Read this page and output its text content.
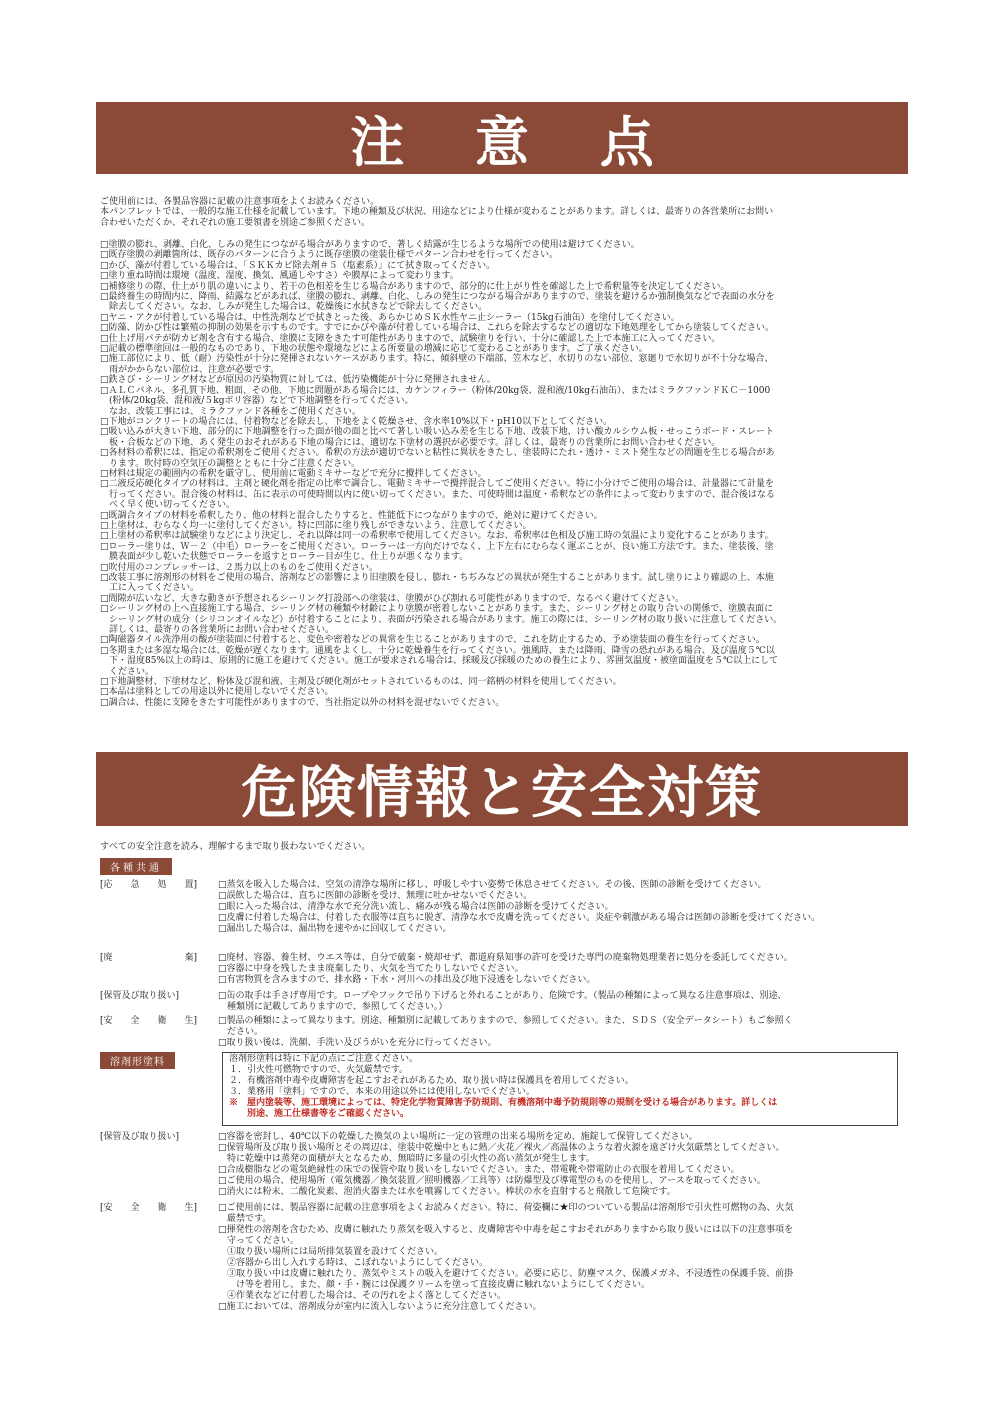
注 意 点

ご使用前には、各製品容器に記載の注意事項をよくお読みください。

本パンフレットでは、一般的な施工仕様を記載しています。下地の種類及び状況、用途などにより仕様が変わることがあります。詳しくは、最寄りの各営業所にお問い

合わせいただくか、それぞれの施工要領書を別途ご参照ください。

□塗膜の膨れ、剥離、白化、しみの発生につながる場合がありますので、著しく結露が生じるような場所での使用は避けてください。

□既存塗膜の剥離箇所は、既存のパターンに合うように既存塗膜の塗装仕様でパターン合わせを行ってください。

□かび、藻が付着している場合は、「ＳＫＫカビ除去剤＃５（塩素系）」にて拭き取ってください。

□塗り重ね時間は環境（温度、湿度、換気、風通しやすさ）や膜厚によって変わります。

□補修塗りの際、仕上がり肌の違いにより、若干の色相差を生じる場合がありますので、部分的に仕上がり性を確認した上で希釈量等を決定してください。

□最終養生の時間内に、降雨、結露などがあれば、塗膜の膨れ、剥離、白化、しみの発生につながる場合がありますので、塗装を避けるか強制換気などで表面の水分を

　除去してください。なお、しみが発生した場合は、乾燥後に水拭きなどで除去してください。

□ヤニ・アクが付着している場合は、中性洗剤などで拭きとった後、あらかじめＳＫ水性ヤニ止シーラー（15kg石油缶）を塗付してください。

□防藻、防かび性は繁殖の抑制の効果を示すものです。すでにかびや藻が付着している場合は、これらを除去するなどの適切な下地処理をしてから塗装してください。

□仕上げ用パテが防カビ剤を含有する場合、塗膜に支障をきたす可能性がありますので、試験塗りを行い、十分に確認した上で本施工に入ってください。

□記載の標準塗回は一般的なものであり、下地の状態や環境などによる所要量の増減に応じて変わることがあります。ご了承ください。

□施工部位により、低（耐）汚染性が十分に発揮されないケースがあります。特に、傾斜壁の下端部、笠木など、水切りのない部位、窓廻りで水切りが不十分な場合、

　雨がかからない部位は、注意が必要です。

□鉄さび・シーリング材などが原因の汚染物質に対しては、低汚染機能が十分に発揮されません。

□ＡＬＣパネル、多孔質下地、粗面、その他、下地に問題がある場合には、カケンフィラー（粉体/20kg袋、混和液/10kg石油缶）、またはミラクファンドＫＣ－1000

　(粉体/20kg袋、混和液/５kgポリ容器）などで下地調整を行ってください。

　なお、改装工事には、ミラクファンド各種をご使用ください。

□下地がコンクリートの場合には、付着物などを除去し、下地をよく乾燥させ、含水率10%以下・pH10以下としてください。

□吸い込みが大きい下地、部分的に下地調整を行った面が他の面と比べて著しい吸い込み差を生じる下地、改装下地、けい酸カルシウム板・せっこうボード・スレート

　板・合板などの下地、あく発生のおそれがある下地の場合には、適切な下塗材の選択が必要です。詳しくは、最寄りの営業所にお問い合わせください。

□各材料の希釈には、指定の希釈剤をご使用ください。希釈の方法が適切でないと粘性に異状をきたし、塗装時にたれ・透け・ミスト発生などの問題を生じる場合があ

　ります。吹付時の空気圧の調整とともに十分ご注意ください。

□材料は規定の範囲内の希釈を厳守し、使用前に電動ミキサーなどで充分に攪拌してください。

□二液反応硬化タイプの材料は、主剤と硬化剤を指定の比率で調合し、電動ミキサーで攪拌混合してご使用ください。特に小分けでご使用の場合は、計量器にて計量を

　行ってください。混合後の材料は、缶に表示の可使時間以内に使い切ってください。また、可使時間は温度・希釈などの条件によって変わりますので、混合後はなる

　べく早く使い切ってください。

□既調合タイプの材料を希釈したり、他の材料と混合したりすると、性能低下につながりますので、絶対に避けてください。

□上塗材は、むらなく均一に塗付してください。特に凹部に塗り残しができないよう、注意してください。

□上塗材の希釈率は試験塗りなどにより決定し、それ以降は同一の希釈率で使用してください。なお、希釈率は色相及び施工時の気温により変化することがあります。

□ローラー塗りは、Ｗ－２（中毛）ローラーをご使用ください。ローラーは一方向だけでなく、上下左右にむらなく運ぶことが、良い施工方法です。また、塗装後、塗

　膜表面が少し乾いた状態でローラーを返すとローラー目が生じ、仕上りが悪くなります。

□吹付用のコンプレッサーは、２馬力以上のものをご使用ください。

□改装工事に溶剤形の材料をご使用の場合、溶剤などの影響により旧塗膜を侵し、膨れ・ちぢみなどの異状が発生することがあります。試し塗りにより確認の上、本施

　工に入ってください。

□間隙が広いなど、大きな動きが予想されるシーリング打設部への塗装は、塗膜がひび割れる可能性がありますので、なるべく避けてください。

□シーリング材の上へ直接施工する場合、シーリング材の種類や材齢により塗膜が密着しないことがあります。また、シーリング材との取り合いの関係で、塗膜表面に

　シーリング材の成分（シリコンオイルなど）が付着することにより、表面が汚染される場合があります。施工の際には、シーリング材の取り扱いに注意してください。

　詳しくは、最寄りの各営業所にお問い合わせください。

□陶磁器タイル洗浄用の酸が塗装面に付着すると、変色や密着などの異常を生じることがありますので、これを防止するため、予め塗装面の養生を行ってください。

□冬期または多湿な場合には、乾燥が遅くなります。通風をよくし、十分に乾燥養生を行ってください。強風時、または降雨、降雪の恐れがある場合、及び温度５℃以

　下・湿度85%以上の時は、原則的に施工を避けてください。施工が要求される場合は、採暖及び採暖のための養生により、雰囲気温度・被塗面温度を５℃以上にして

　ください。

□下地調整材、下塗材など、粉体及び混和液、主剤及び硬化剤がセットされているものは、同一銘柄の材料を使用してください。

□本品は塗料としての用途以外に使用しないでください。

□調合は、性能に支障をきたす可能性がありますので、当社指定以外の材料を混ぜないでください。

危険情報と安全対策
すべての安全注意を読み、理解するまで取り扱わないでください。
各種共通
[応　　急　　処　　置]	□蒸気を吸入した場合は、空気の清浄な場所に移し、呼吸しやすい姿勢で休息させてください。その後、医師の診断を受けてください。

□誤飲した場合は、直ちに医師の診断を受け、無理に吐かせないでください。

□眼に入った場合は、清浄な水で充分洗い流し、痛みが残る場合は医師の診断を受けてください。

□皮膚に付着した場合は、付着した衣服等は直ちに脱ぎ、清浄な水で皮膚を洗ってください。炎症や刺激がある場合は医師の診断を受けてください。

□漏出した場合は、漏出物を速やかに回収してください。

[廃　　　　　　　　棄]	□廃材、容器、養生材、ウエス等は、自分で破棄・焼却せず、都道府県知事の許可を受けた専門の廃棄物処理業者に処分を委託してください。

□容器に中身を残したまま廃棄したり、火気を当てたりしないでください。

□有害物質を含みますので、排水路・下水・河川への排出及び地下浸透をしないでください。

[保管及び取り扱い]	□缶の取手は手さげ専用です。ロープやフックで吊り下げると外れることがあり、危険です。（製品の種類によって異なる注意事項は、別途、

　種類別に記載してありますので、参照してください。）

[安　　全　　衛　　生]	□製品の種類によって異なります。別途、種類別に記載してありますので、参照してください。また、ＳＤＳ（安全データシート）もご参照く

　ださい。

□取り扱い後は、洗顔、手洗い及びうがいを充分に行ってください。

溶剤形塗料	溶剤形塗料は特に下記の点にご注意ください。

１．引火性可燃物ですので、火気厳禁です。

２．有機溶剤中毒や皮膚障害を起こすおそれがあるため、取り扱い時は保護具を着用してください。

３．業務用「塗料」ですので、本来の用途以外には使用しないでください。

※　屋内塗装等、施工環境によっては、特定化学物質障害予防規則、有機溶剤中毒予防規則等の規制を受ける場合があります。詳しくは

　　別途、施工仕様書等をご確認ください。

[保管及び取り扱い]	□容器を密封し、40℃以下の乾燥した換気のよい場所に一定の管理の出来る場所を定め、施錠して保管してください。

□保管場所及び取り扱い場所とその周辺は、塗装中乾燥中ともに熱／火花／裸火／高温体のような着火源を遠ざけ火気厳禁としてください。

　特に乾燥中は蒸発の面積が大となるため、無暗時に多量の引火性の高い蒸気が発生します。

□合成樹脂などの電気絶縁性の床での保管や取り扱いをしないでください。また、帯電靴や帯電防止の衣服を着用してください。

□ご使用の場合、使用場所（電気機器／換気装置／照明機器／工具等）は防爆型及び導電型のものを使用し、アースを取ってください。

□消火には粉末、二酸化炭素、泡消火器または水を噴霧してください。棒状の水を直射すると飛散して危険です。

[安　　全　　衛　　生]	□ご使用前には、製品容器に記載の注意事項をよくお読みください。特に、荷姿欄に★印のついている製品は溶剤形で引火性可燃物の為、火気

　厳禁です。

□揮発性の溶剤を含むため、皮膚に触れたり蒸気を吸入すると、皮膚障害や中毒を起こすおそれがありますから取り扱いには以下の注意事項を

　守ってください。

　①取り扱い場所には局所排気装置を設けてください。

　②容器から出し入れする時は、こぼれないようにしてください。

　③取り扱い中は皮膚に触れたり、蒸気やミストの吸入を避けてください。必要に応じ、防塵マスク、保護メガネ、不浸透性の保護手袋、前掛

　　け等を着用し、また、顔・手・腕には保護クリームを塗って直接皮膚に触れないようにしてください。

　④作業衣などに付着した場合は、その汚れをよく落としてください。

□施工においては、溶剤成分が室内に流入しないように充分注意してください。
